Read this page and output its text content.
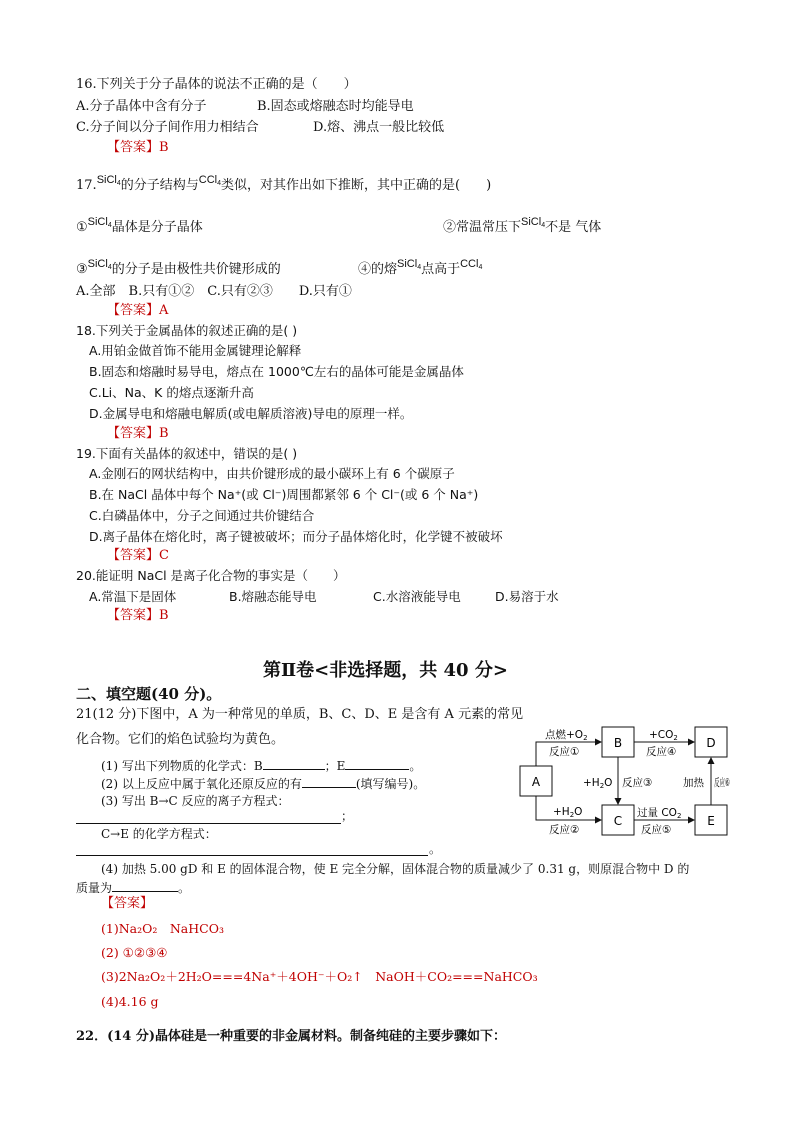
16.下列关于分子晶体的说法不正确的是（　　）
A.分子晶体中含有分子	B.固态或熔融态时均能导电
C.分子间以分子间作用力相结合	D.熔、沸点一般比较低
【答案】B
17.$^{SiCl4}$的分子结构与$^{CCl4}$类似，对其作出如下推断，其中正确的是(　　)
①$^{SiCl4}$晶体是分子晶体	②常温常压下$^{SiCl4}$不是 气体
③$^{SiCl4}$的分子是由极性共价键形成的	④的熔$^{SiCl4}$点高于$^{CCl4}$
A.全部　B.只有①②　C.只有②③　　D.只有①
【答案】A
18.下列关于金属晶体的叙述正确的是( )
A.用铂金做首饰不能用金属键理论解释
B.固态和熔融时易导电，熔点在 1000℃左右的晶体可能是金属晶体
C.Li、Na、K 的熔点逐渐升高
D.金属导电和熔融电解质(或电解质溶液)导电的原理一样。
【答案】B
19.下面有关晶体的叙述中，错误的是( )
A.金刚石的网状结构中，由共价键形成的最小碳环上有 6 个碳原子
B.在 NaCl 晶体中每个 Na⁺(或 Cl⁻)周围都紧邻 6 个 Cl⁻(或 6 个 Na⁺)
C.白磷晶体中，分子之间通过共价键结合
D.离子晶体在熔化时，离子键被破坏；而分子晶体熔化时，化学键不被破坏
【答案】C
20.能证明 NaCl 是离子化合物的事实是（　　）
A.常温下是固体	B.熔融态能导电	C.水溶液能导电	D.易溶于水
【答案】B
第Ⅱ卷<非选择题，共 40 分>
二、填空题(40 分)。
21(12 分)下图中，A 为一种常见的单质，B、C、D、E 是含有 A 元素的常见
化合物。它们的焰色试验均为黄色。
(1) 写出下列物质的化学式：B	；E	。
(2) 以上反应中属于氧化还原反应的有	(填写编号)。
(3) 写出 B→C 反应的离子方程式：
；
C→E 的化学方程式：
。
(4) 加热 5.00 gD 和 E 的固体混合物，使 E 完全分解，固体混合物的质量减少了 0.31 g，则原混合物中 D 的
质量为	。
【答案】
(1)Na₂O₂　NaHCO₃
(2) ①②③④
(3)2Na₂O₂＋2H₂O===4Na⁺＋4OH⁻＋O₂↑　NaOH＋CO₂===NaHCO₃
(4)4.16 g
22．(14 分)晶体硅是一种重要的非金属材料。制备纯硅的主要步骤如下：
A
B
C
D
E
点燃+O2
反应①
+H2O
反应②
+H2O 反应③
+CO2
反应④
过量 CO2
反应⑤
加热 反应⑥
